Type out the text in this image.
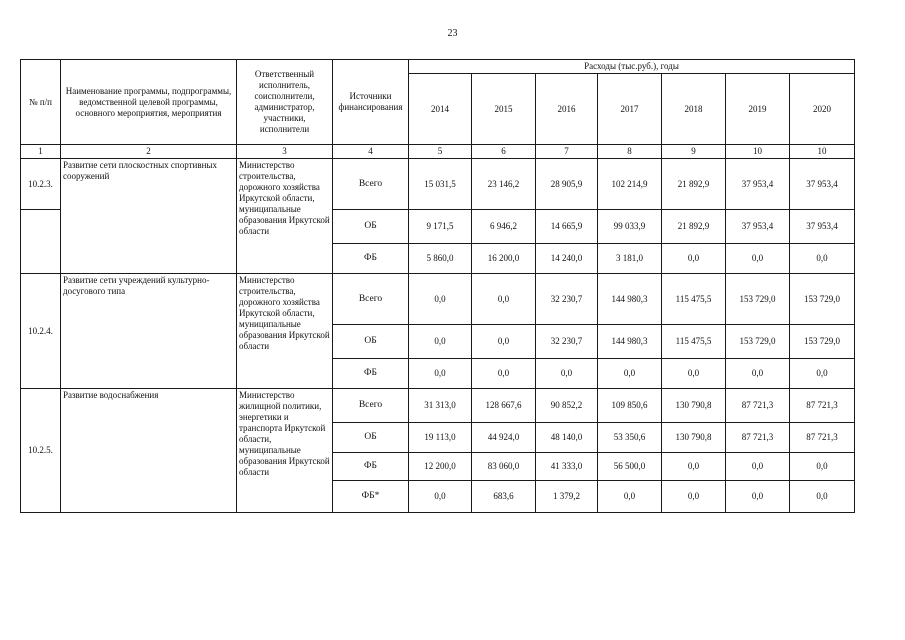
23
№ п/п	Наименование программы, подпрограммы, ведомственной целевой программы, основного мероприятия, мероприятия	Ответственный исполнитель, соисполнители, администратор, участники, исполнители	Источники финансирования	Расходы (тыс.руб.), годы						
				2014	2015	2016	2017	2018	2019	2020
1	2	3	4	5	6	7	8	9	10	10
10.2.3.	Развитие сети плоскостных спортивных сооружений	Министерство строительства, дорожного хозяйства Иркутской области, муниципальные образования Иркутской области	Всего	15 031,5	23 146,2	28 905,9	102 214,9	21 892,9	37 953,4	37 953,4
			ОБ	9 171,5	6 946,2	14 665,9	99 033,9	21 892,9	37 953,4	37 953,4
			ФБ	5 860,0	16 200,0	14 240,0	3 181,0	0,0	0,0	0,0
10.2.4.	Развитие сети учреждений культурно-досугового типа	Министерство строительства, дорожного хозяйства Иркутской области, муниципальные образования Иркутской области	Всего	0,0	0,0	32 230,7	144 980,3	115 475,5	153 729,0	153 729,0
			ОБ	0,0	0,0	32 230,7	144 980,3	115 475,5	153 729,0	153 729,0
			ФБ	0,0	0,0	0,0	0,0	0,0	0,0	0,0
10.2.5.	Развитие водоснабжения	Министерство жилищной политики, энергетики и транспорта Иркутской области, муниципальные образования Иркутской области	Всего	31 313,0	128 667,6	90 852,2	109 850,6	130 790,8	87 721,3	87 721,3
			ОБ	19 113,0	44 924,0	48 140,0	53 350,6	130 790,8	87 721,3	87 721,3
			ФБ	12 200,0	83 060,0	41 333,0	56 500,0	0,0	0,0	0,0
			ФБ*	0,0	683,6	1 379,2	0,0	0,0	0,0	0,0
